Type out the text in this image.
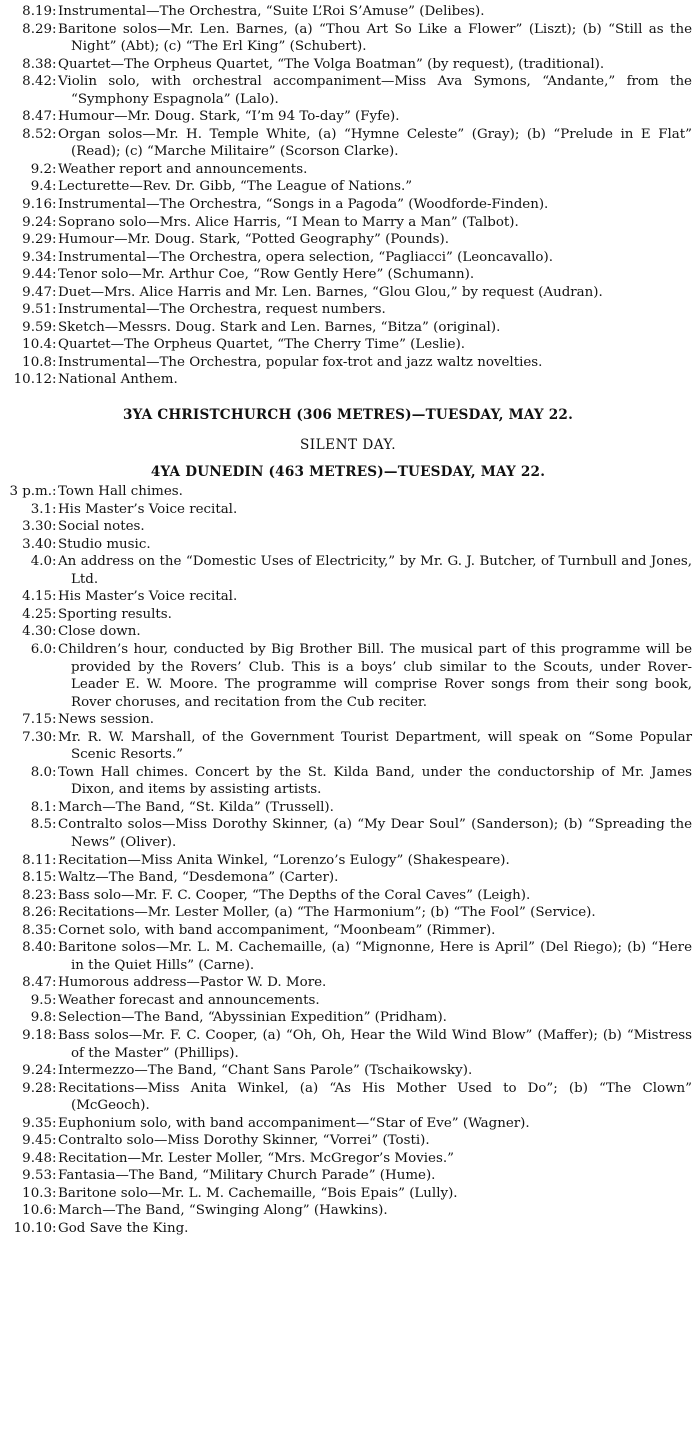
8.19 : Instrumental—The Orchestra, “Suite L’Roi S’Amuse” (Delibes).
8.29 : Baritone solos—Mr. Len. Barnes, (a) “Thou Art So Like a Flower” (Liszt); (b) “Still as the Night” (Abt); (c) “The Erl King” (Schubert).
8.38 : Quartet—The Orpheus Quartet, “The Volga Boatman” (by request), (traditional).
8.42 : Violin solo, with orchestral accompaniment—Miss Ava Symons, “Andante,” from the “Symphony Espagnola” (Lalo).
8.47 : Humour—Mr. Doug. Stark, “I’m 94 To-day” (Fyfe).
8.52 : Organ solos—Mr. H. Temple White, (a) “Hymne Celeste” (Gray); (b) “Prelude in E Flat” (Read); (c) “Marche Militaire” (Scorson Clarke).
9.2 : Weather report and announcements.
9.4 : Lecturette—Rev. Dr. Gibb, “The League of Nations.”
9.16 : Instrumental—The Orchestra, “Songs in a Pagoda” (Woodforde-Finden).
9.24 : Soprano solo—Mrs. Alice Harris, “I Mean to Marry a Man” (Talbot).
9.29 : Humour—Mr. Doug. Stark, “Potted Geography” (Pounds).
9.34 : Instrumental—The Orchestra, opera selection, “Pagliacci” (Leoncavallo).
9.44 : Tenor solo—Mr. Arthur Coe, “Row Gently Here” (Schumann).
9.47 : Duet—Mrs. Alice Harris and Mr. Len. Barnes, “Glou Glou,” by request (Audran).
9.51 : Instrumental—The Orchestra, request numbers.
9.59 : Sketch—Messrs. Doug. Stark and Len. Barnes, “Bitza” (original).
10.4 : Quartet—The Orpheus Quartet, “The Cherry Time” (Leslie).
10.8 : Instrumental—The Orchestra, popular fox-trot and jazz waltz novelties.
10.12 : National Anthem.
3YA CHRISTCHURCH (306 METRES)—TUESDAY, MAY 22.
SILENT DAY.
4YA DUNEDIN (463 METRES)—TUESDAY, MAY 22.
3 p.m. : Town Hall chimes.
3.1 : His Master’s Voice recital.
3.30 : Social notes.
3.40 : Studio music.
4.0 : An address on the “Domestic Uses of Electricity,” by Mr. G. J. Butcher, of Turnbull and Jones, Ltd.
4.15 : His Master’s Voice recital.
4.25 : Sporting results.
4.30 : Close down.
6.0 : Children’s hour, conducted by Big Brother Bill. The musical part of this programme will be provided by the Rovers’ Club. This is a boys’ club similar to the Scouts, under Rover-Leader E. W. Moore. The programme will comprise Rover songs from their song book, Rover choruses, and recitation from the Cub reciter.
7.15 : News session.
7.30 : Mr. R. W. Marshall, of the Government Tourist Department, will speak on “Some Popular Scenic Resorts.”
8.0 : Town Hall chimes. Concert by the St. Kilda Band, under the conductorship of Mr. James Dixon, and items by assisting artists.
8.1 : March—The Band, “St. Kilda” (Trussell).
8.5 : Contralto solos—Miss Dorothy Skinner, (a) “My Dear Soul” (Sanderson); (b) “Spreading the News” (Oliver).
8.11 : Recitation—Miss Anita Winkel, “Lorenzo’s Eulogy” (Shakespeare).
8.15 : Waltz—The Band, “Desdemona” (Carter).
8.23 : Bass solo—Mr. F. C. Cooper, “The Depths of the Coral Caves” (Leigh).
8.26 : Recitations—Mr. Lester Moller, (a) “The Harmonium”; (b) “The Fool” (Service).
8.35 : Cornet solo, with band accompaniment, “Moonbeam” (Rimmer).
8.40 : Baritone solos—Mr. L. M. Cachemaille, (a) “Mignonne, Here is April” (Del Riego); (b) “Here in the Quiet Hills” (Carne).
8.47 : Humorous address—Pastor W. D. More.
9.5 : Weather forecast and announcements.
9.8 : Selection—The Band, “Abyssinian Expedition” (Pridham).
9.18 : Bass solos—Mr. F. C. Cooper, (a) “Oh, Oh, Hear the Wild Wind Blow” (Maffer); (b) “Mistress of the Master” (Phillips).
9.24 : Intermezzo—The Band, “Chant Sans Parole” (Tschaikowsky).
9.28 : Recitations—Miss Anita Winkel, (a) “As His Mother Used to Do”; (b) “The Clown” (McGeoch).
9.35 : Euphonium solo, with band accompaniment—“Star of Eve” (Wagner).
9.45 : Contralto solo—Miss Dorothy Skinner, “Vorrei” (Tosti).
9.48 : Recitation—Mr. Lester Moller, “Mrs. McGregor’s Movies.”
9.53 : Fantasia—The Band, “Military Church Parade” (Hume).
10.3 : Baritone solo—Mr. L. M. Cachemaille, “Bois Epais” (Lully).
10.6 : March—The Band, “Swinging Along” (Hawkins).
10.10 : God Save the King.
